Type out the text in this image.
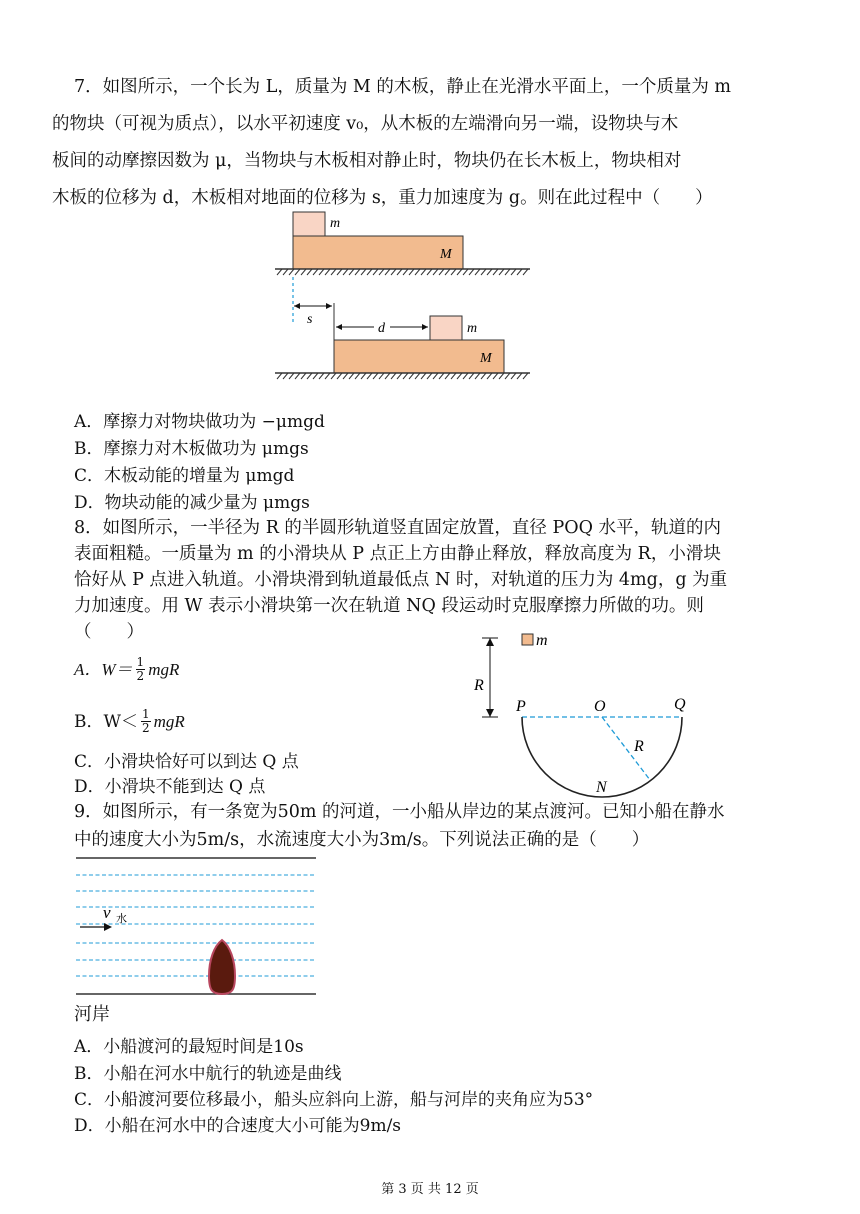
7．如图所示，一个长为 L，质量为 M 的木板，静止在光滑水平面上，一个质量为 m
的物块（可视为质点），以水平初速度 v₀，从木板的左端滑向另一端，设物块与木
板间的动摩擦因数为 μ，当物块与木板相对静止时，物块仍在长木板上，物块相对
木板的位移为 d，木板相对地面的位移为 s，重力加速度为 g。则在此过程中（　　）
m
M
s
d	m
M
A．摩擦力对物块做功为 −μmgd
B．摩擦力对木板做功为 μmgs
C．木板动能的增量为 μmgd
D．物块动能的减少量为 μmgs
8．如图所示，一半径为 R 的半圆形轨道竖直固定放置，直径 POQ 水平，轨道的内
表面粗糙。一质量为 m 的小滑块从 P 点正上方由静止释放，释放高度为 R，小滑块
恰好从 P 点进入轨道。小滑块滑到轨道最低点 N 时，对轨道的压力为 4mg，g 为重
力加速度。用 W 表示小滑块第一次在轨道 NQ 段运动时克服摩擦力所做的功。则
（　　）
A．$W= \frac{1}{2}$ mgR
B．$W< \frac{1}{2}$ mgR
C．小滑块恰好可以到达 Q 点
D．小滑块不能到达 Q 点
m
R
P	O	Q
R
N
9．如图所示，有一条宽为50m 的河道，一小船从岸边的某点渡河。已知小船在静水
中的速度大小为5m/s，水流速度大小为3m/s。下列说法正确的是（　　）
v 水
河岸
A．小船渡河的最短时间是10s
B．小船在河水中航行的轨迹是曲线
C．小船渡河要位移最小，船头应斜向上游，船与河岸的夹角应为53°
D．小船在河水中的合速度大小可能为9m/s
第 3 页 共 12 页
